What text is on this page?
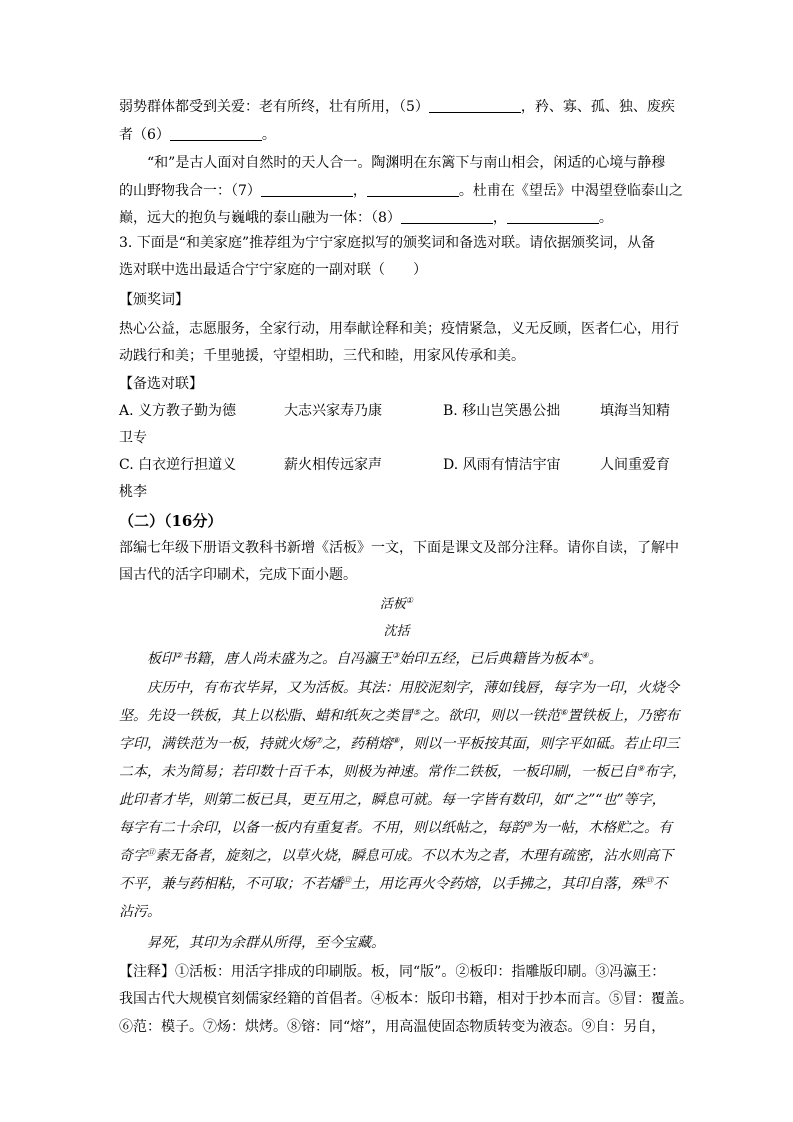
弱势群体都受到关爱：老有所终，壮有所用，（5）	，矜、寡、孤、独、废疾
者（6）	。
“和”是古人面对自然时的天人合一。陶渊明在东篱下与南山相会，闲适的心境与静穆
的山野物我合一：（7）	，	。杜甫在《望岳》中渴望登临泰山之
巅，远大的抱负与巍峨的泰山融为一体：（8）	，	。
3. 下面是“和美家庭”推荐组为宁宁家庭拟写的颁奖词和备选对联。请依据颁奖词，从备
选对联中选出最适合宁宁家庭的一副对联（　　）
【颁奖词】
热心公益，志愿服务，全家行动，用奉献诠释和美；疫情紧急，义无反顾，医者仁心，用行
动践行和美；千里驰援，守望相助，三代和睦，用家风传承和美。
【备选对联】
A. 义方教子勤为德	大志兴家寿乃康	B. 移山岂笑愚公拙	填海当知精
卫专
C. 白衣逆行担道义	薪火相传远家声	D. 风雨有情洁宇宙	人间重爱育
桃李
（二）（16分）
部编七年级下册语文教科书新增《活板》一文，下面是课文及部分注释。请你自读，了解中
国古代的活字印刷术，完成下面小题。
活板①
沈括
板印②书籍，唐人尚未盛为之。自冯瀛王③始印五经，已后典籍皆为板本④。
庆历中，有布衣毕昇，又为活板。其法：用胶泥刻字，薄如钱唇，每字为一印，火烧令
坚。先设一铁板，其上以松脂、蜡和纸灰之类冒⑤之。欲印，则以一铁范⑥置铁板上，乃密布
字印，满铁范为一板，持就火炀⑦之，药稍熔⑧，则以一平板按其面，则字平如砥。若止印三
二本，未为简易；若印数十百千本，则极为神速。常作二铁板，一板印刷，一板已自⑨布字，
此印者才毕，则第二板已具，更互用之，瞬息可就。每一字皆有数印，如“之”“也”等字，
每字有二十余印，以备一板内有重复者。不用，则以纸帖之，每韵⑩为一帖，木格贮之。有
奇字⑪素无备者，旋刻之，以草火烧，瞬息可成。不以木为之者，木理有疏密，沾水则高下
不平，兼与药相粘，不可取；不若燔⑫土，用讫再火令药熔，以手拂之，其印自落，殊⑬不
沾污。
昇死，其印为余群从所得，至今宝藏。
【注释】①活板：用活字排成的印刷版。板，同“版”。②板印：指雕版印刷。③冯瀛王：
我国古代大规模官刻儒家经籍的首倡者。④板本：版印书籍，相对于抄本而言。⑤冒：覆盖。
⑥范：模子。⑦炀：烘烤。⑧镕：同“熔”，用高温使固态物质转变为液态。⑨自：另自，
